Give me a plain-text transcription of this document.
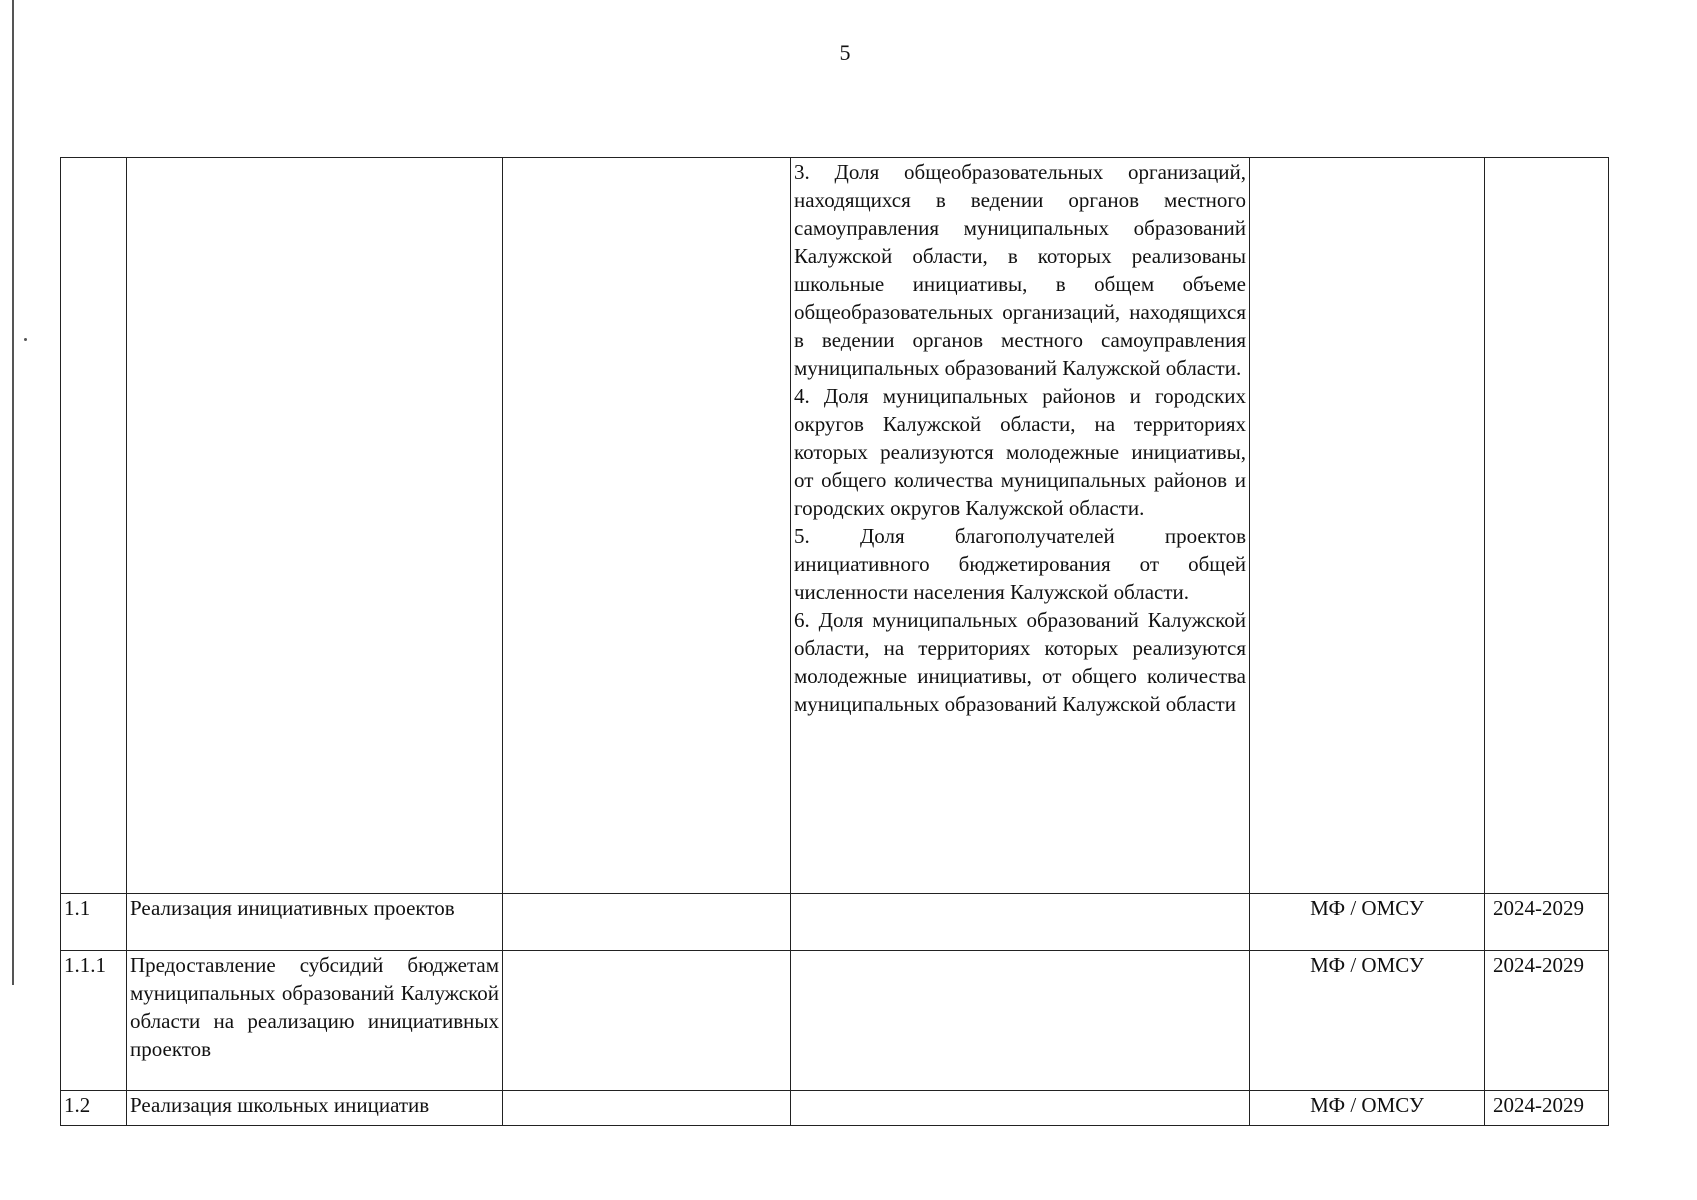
5

			3. Доля общеобразовательных организаций, находящихся в ведении органов местного самоуправления муниципальных образований Калужской области, в которых реализованы школьные инициативы, в общем объеме общеобразовательных организаций, находящихся в ведении органов местного самоуправления муниципальных образований Калужской области.

4. Доля муниципальных районов и городских округов Калужской области, на территориях которых реализуются молодежные инициативы, от общего количества муниципальных районов и городских округов Калужской области.

5. Доля благополучателей проектов инициативного бюджетирования от общей численности населения Калужской области.

6. Доля муниципальных образований Калужской области, на территориях которых реализуются молодежные инициативы, от общего количества муниципальных образований Калужской области		

1.1	Реализация инициативных проектов			МФ / ОМСУ	2024-2029
1.1.1	Предоставление субсидий бюджетам муниципальных образований Калужской области на реализацию инициативных проектов			МФ / ОМСУ	2024-2029
1.2	Реализация школьных инициатив			МФ / ОМСУ	2024-2029
